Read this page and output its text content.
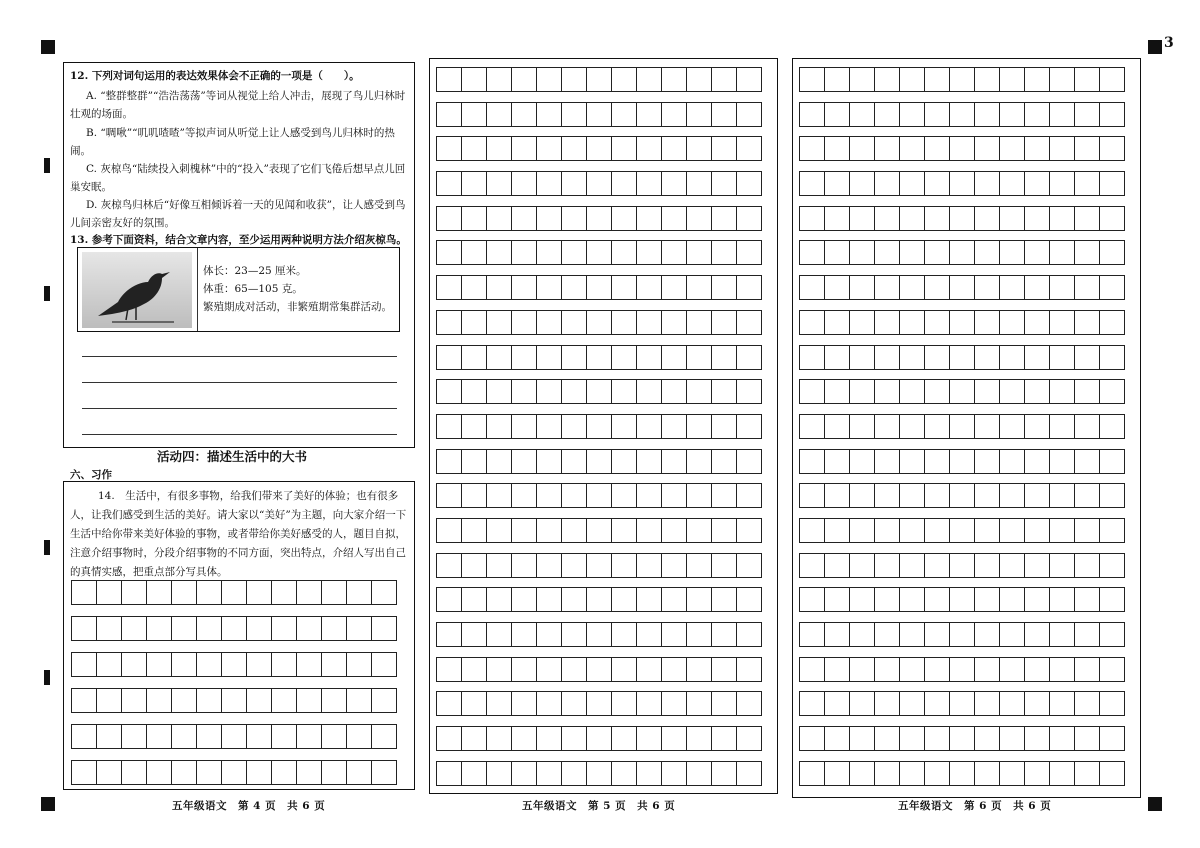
3
12. 下列对词句运用的表达效果体会不正确的一项是（　　）。
A. “整群整群”“浩浩荡荡”等词从视觉上给人冲击，展现了鸟儿归林时壮观的场面。
B. “啁啾”“叽叽喳喳”等拟声词从听觉上让人感受到鸟儿归林时的热闹。
C. 灰椋鸟“陆续投入刺槐林”中的“投入”表现了它们飞倦后想早点儿回巢安眠。
D. 灰椋鸟归林后“好像互相倾诉着一天的见闻和收获”，让人感受到鸟儿间亲密友好的氛围。
13. 参考下面资料，结合文章内容，至少运用两种说明方法介绍灰椋鸟。
体长：23—25 厘米。
体重：65—105 克。
繁殖期成对活动，非繁殖期常集群活动。
活动四：描述生活中的大书
六、习作
14.　生活中，有很多事物，给我们带来了美好的体验；也有很多人，让我们感受到生活的美好。请大家以“美好”为主题，向大家介绍一下生活中给你带来美好体验的事物，或者带给你美好感受的人，题目自拟，注意介绍事物时，分段介绍事物的不同方面，突出特点，介绍人写出自己的真情实感，把重点部分写具体。
五年级语文　第 4 页　共 6 页	五年级语文　第 5 页　共 6 页	五年级语文　第 6 页　共 6 页
